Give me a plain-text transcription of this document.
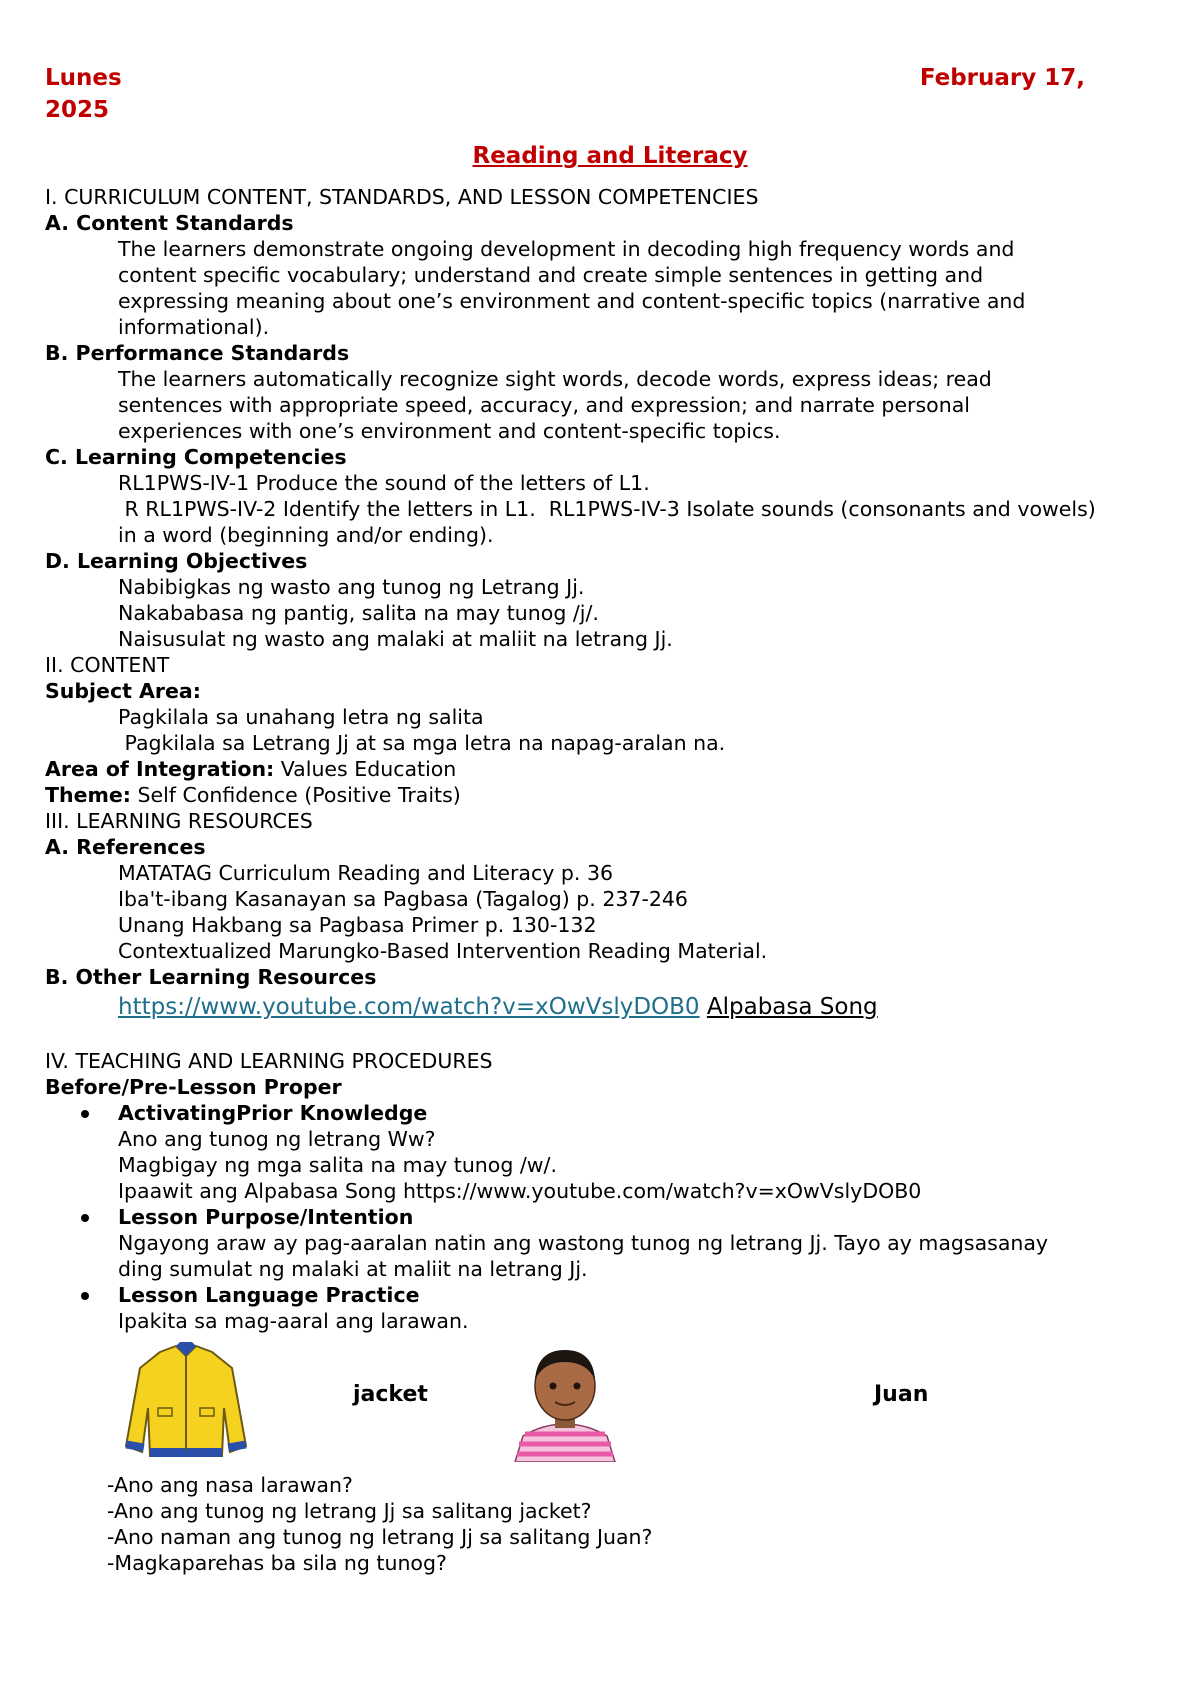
Lunes	February 17,
2025
Reading and Literacy
I. CURRICULUM CONTENT, STANDARDS, AND LESSON COMPETENCIES
A. Content Standards
The learners demonstrate ongoing development in decoding high frequency words and
content specific vocabulary; understand and create simple sentences in getting and
expressing meaning about one’s environment and content-specific topics (narrative and
informational).
B. Performance Standards
The learners automatically recognize sight words, decode words, express ideas; read
sentences with appropriate speed, accuracy, and expression; and narrate personal
experiences with one’s environment and content-specific topics.
C. Learning Competencies
RL1PWS-IV-1 Produce the sound of the letters of L1.
R RL1PWS-IV-2 Identify the letters in L1.  RL1PWS-IV-3 Isolate sounds (consonants and vowels)
in a word (beginning and/or ending).
D. Learning Objectives
Nabibigkas ng wasto ang tunog ng Letrang Jj.
Nakababasa ng pantig, salita na may tunog /j/.
Naisusulat ng wasto ang malaki at maliit na letrang Jj.
II. CONTENT
Subject Area:
Pagkilala sa unahang letra ng salita
Pagkilala sa Letrang Jj at sa mga letra na napag-aralan na.
Area of Integration: Values Education
Theme: Self Confidence (Positive Traits)
III. LEARNING RESOURCES
A. References
MATATAG Curriculum Reading and Literacy p. 36
Iba't-ibang Kasanayan sa Pagbasa (Tagalog) p. 237-246
Unang Hakbang sa Pagbasa Primer p. 130-132
Contextualized Marungko-Based Intervention Reading Material.
B. Other Learning Resources
https://www.youtube.com/watch?v=xOwVslyDOB0 Alpabasa Song
IV. TEACHING AND LEARNING PROCEDURES
Before/Pre-Lesson Proper
ActivatingPrior Knowledge
Ano ang tunog ng letrang Ww?
Magbigay ng mga salita na may tunog /w/.
Ipaawit ang Alpabasa Song https://www.youtube.com/watch?v=xOwVslyDOB0
Lesson Purpose/Intention
Ngayong araw ay pag-aaralan natin ang wastong tunog ng letrang Jj. Tayo ay magsasanay
ding sumulat ng malaki at maliit na letrang Jj.
Lesson Language Practice
Ipakita sa mag-aaral ang larawan.
jacket	Juan
-Ano ang nasa larawan?
-Ano ang tunog ng letrang Jj sa salitang jacket?
-Ano naman ang tunog ng letrang Jj sa salitang Juan?
-Magkaparehas ba sila ng tunog?
